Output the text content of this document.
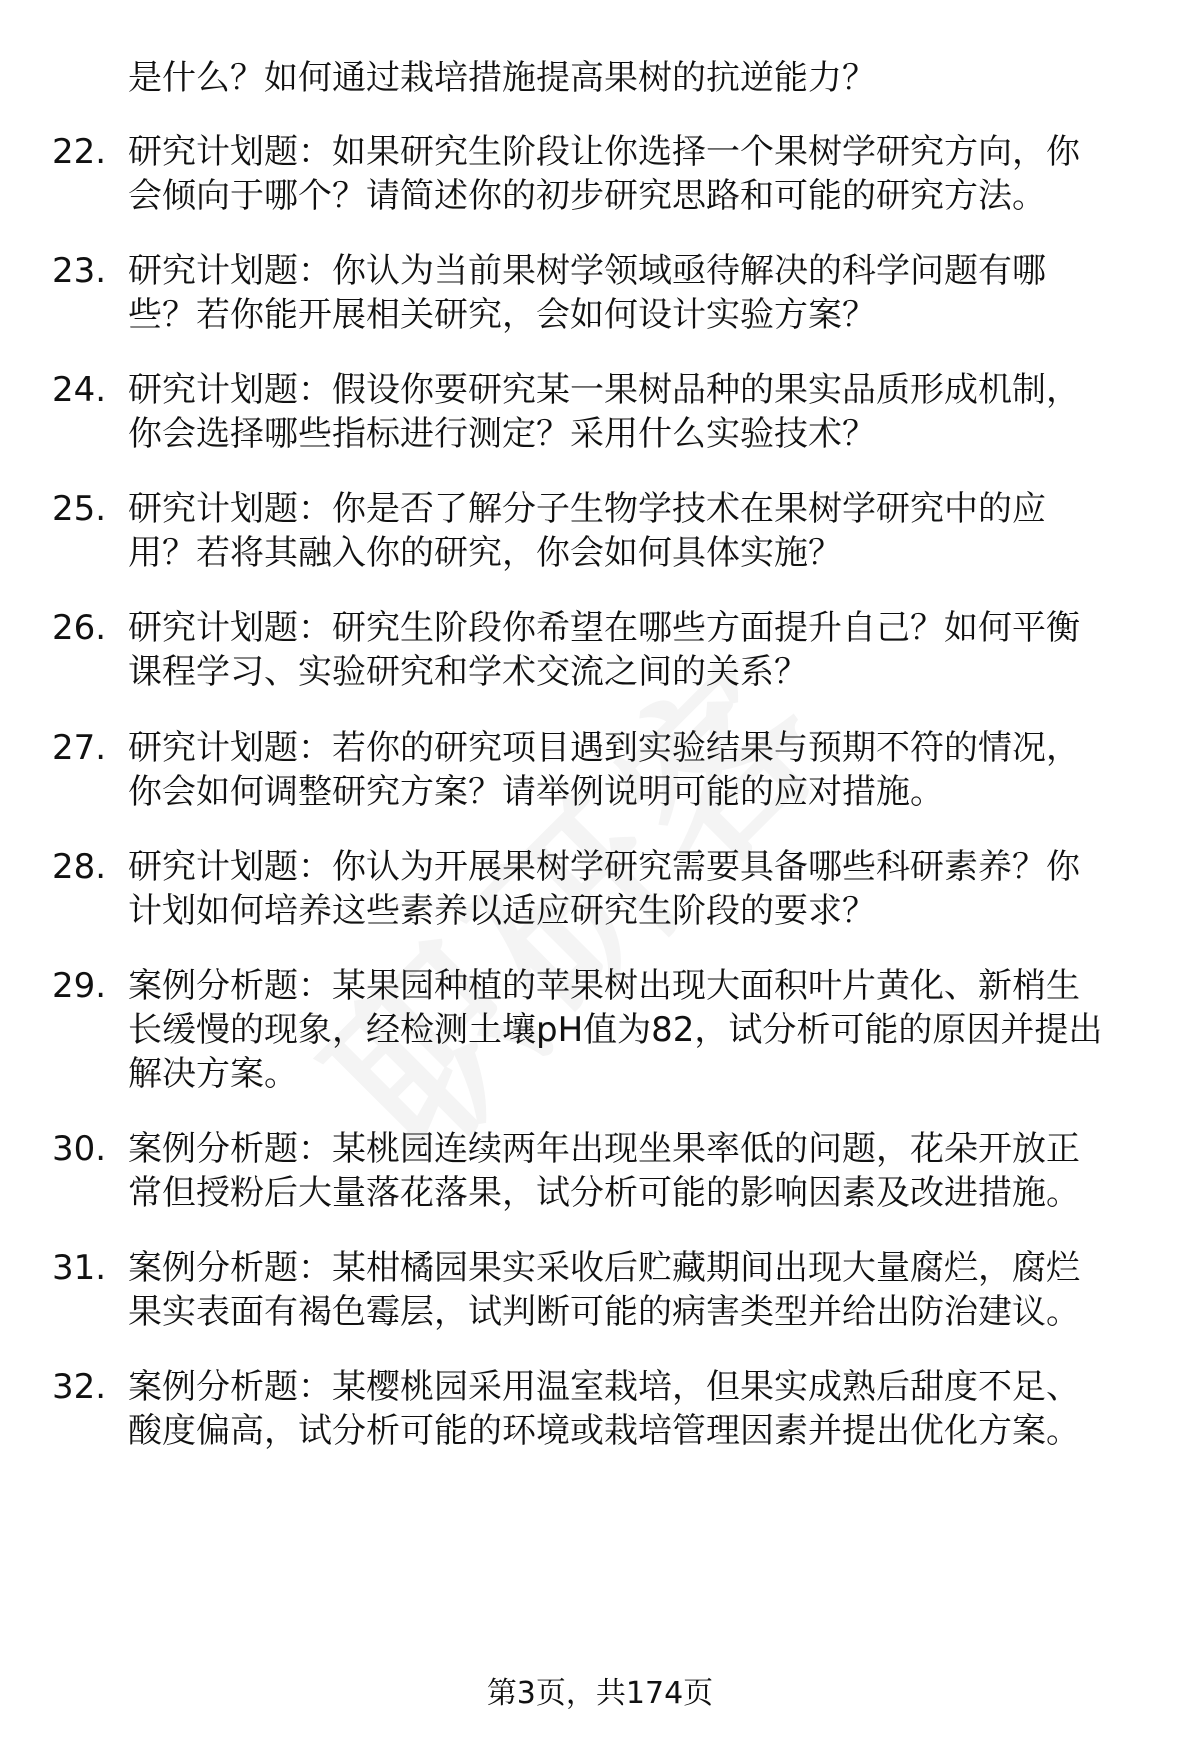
是什么？如何通过栽培措施提高果树的抗逆能力？
22. 研究计划题：如果研究生阶段让你选择一个果树学研究方向，你
会倾向于哪个？请简述你的初步研究思路和可能的研究方法。
23. 研究计划题：你认为当前果树学领域亟待解决的科学问题有哪
些？若你能开展相关研究，会如何设计实验方案？
24. 研究计划题：假设你要研究某一果树品种的果实品质形成机制，
你会选择哪些指标进行测定？采用什么实验技术？
25. 研究计划题：你是否了解分子生物学技术在果树学研究中的应
用？若将其融入你的研究，你会如何具体实施？
26. 研究计划题：研究生阶段你希望在哪些方面提升自己？如何平衡
课程学习、实验研究和学术交流之间的关系？
27. 研究计划题：若你的研究项目遇到实验结果与预期不符的情况，
你会如何调整研究方案？请举例说明可能的应对措施。
28. 研究计划题：你认为开展果树学研究需要具备哪些科研素养？你
计划如何培养这些素养以适应研究生阶段的要求？
29. 案例分析题：某果园种植的苹果树出现大面积叶片黄化、新梢生
长缓慢的现象，经检测土壤pH值为82，试分析可能的原因并提出
解决方案。
30. 案例分析题：某桃园连续两年出现坐果率低的问题，花朵开放正
常但授粉后大量落花落果，试分析可能的影响因素及改进措施。
31. 案例分析题：某柑橘园果实采收后贮藏期间出现大量腐烂，腐烂
果实表面有褐色霉层，试判断可能的病害类型并给出防治建议。
32. 案例分析题：某樱桃园采用温室栽培，但果实成熟后甜度不足、
酸度偏高，试分析可能的环境或栽培管理因素并提出优化方案。
第3页，共174页
